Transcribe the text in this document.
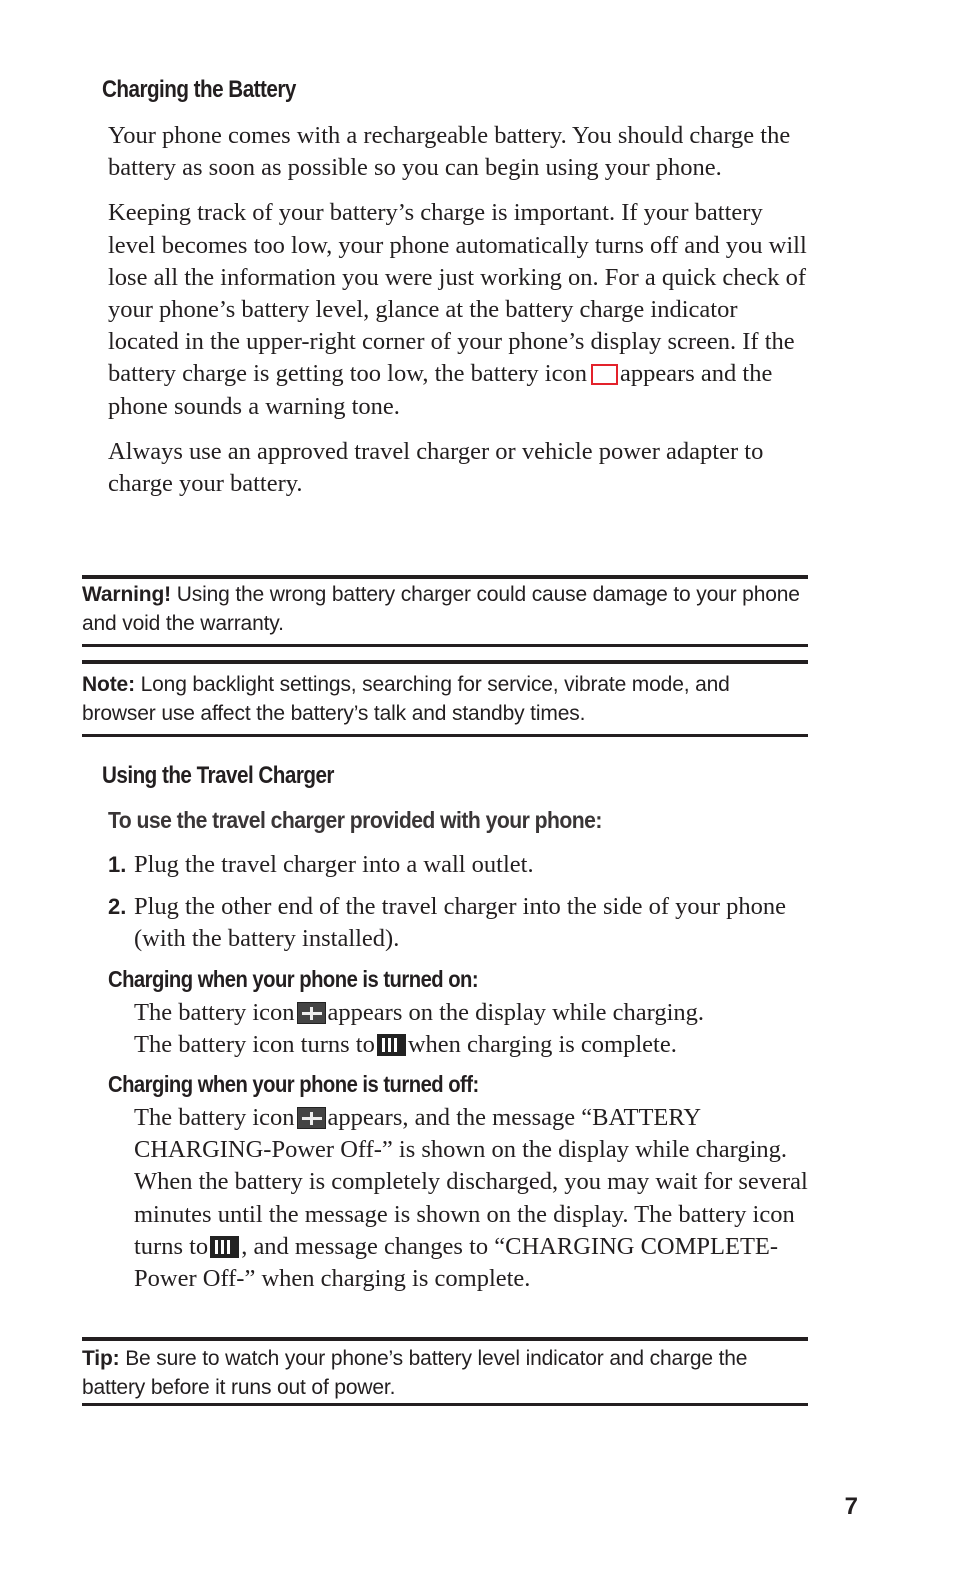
Charging the Battery

Your phone comes with a rechargeable battery. You should charge the battery as soon as possible so you can begin using your phone.

Keeping track of your battery’s charge is important. If your battery level becomes too low, your phone automatically turns off and you will lose all the information you were just working on. For a quick check of your phone’s battery level, glance at the battery charge indicator located in the upper-right corner of your phone’s display screen. If the battery charge is getting too low, the battery icon appears and the phone sounds a warning tone.

Always use an approved travel charger or vehicle power adapter to charge your battery.

Warning! Using the wrong battery charger could cause damage to your phone and void the warranty.
Note: Long backlight settings, searching for service, vibrate mode, and browser use affect the battery’s talk and standby times.
Using the Travel Charger
To use the travel charger provided with your phone:
1. Plug the travel charger into a wall outlet.
2. Plug the other end of the travel charger into the side of your phone (with the battery installed).
Charging when your phone is turned on:
The battery icon appears on the display while charging.
The battery icon turns to when charging is complete.
Charging when your phone is turned off:
The battery icon appears, and the message “BATTERY CHARGING-Power Off-” is shown on the display while charging. When the battery is completely discharged, you may wait for several minutes until the message is shown on the display. The battery icon turns to , and message changes to “CHARGING COMPLETE-Power Off-” when charging is complete.
Tip: Be sure to watch your phone’s battery level indicator and charge the battery before it runs out of power.
7
